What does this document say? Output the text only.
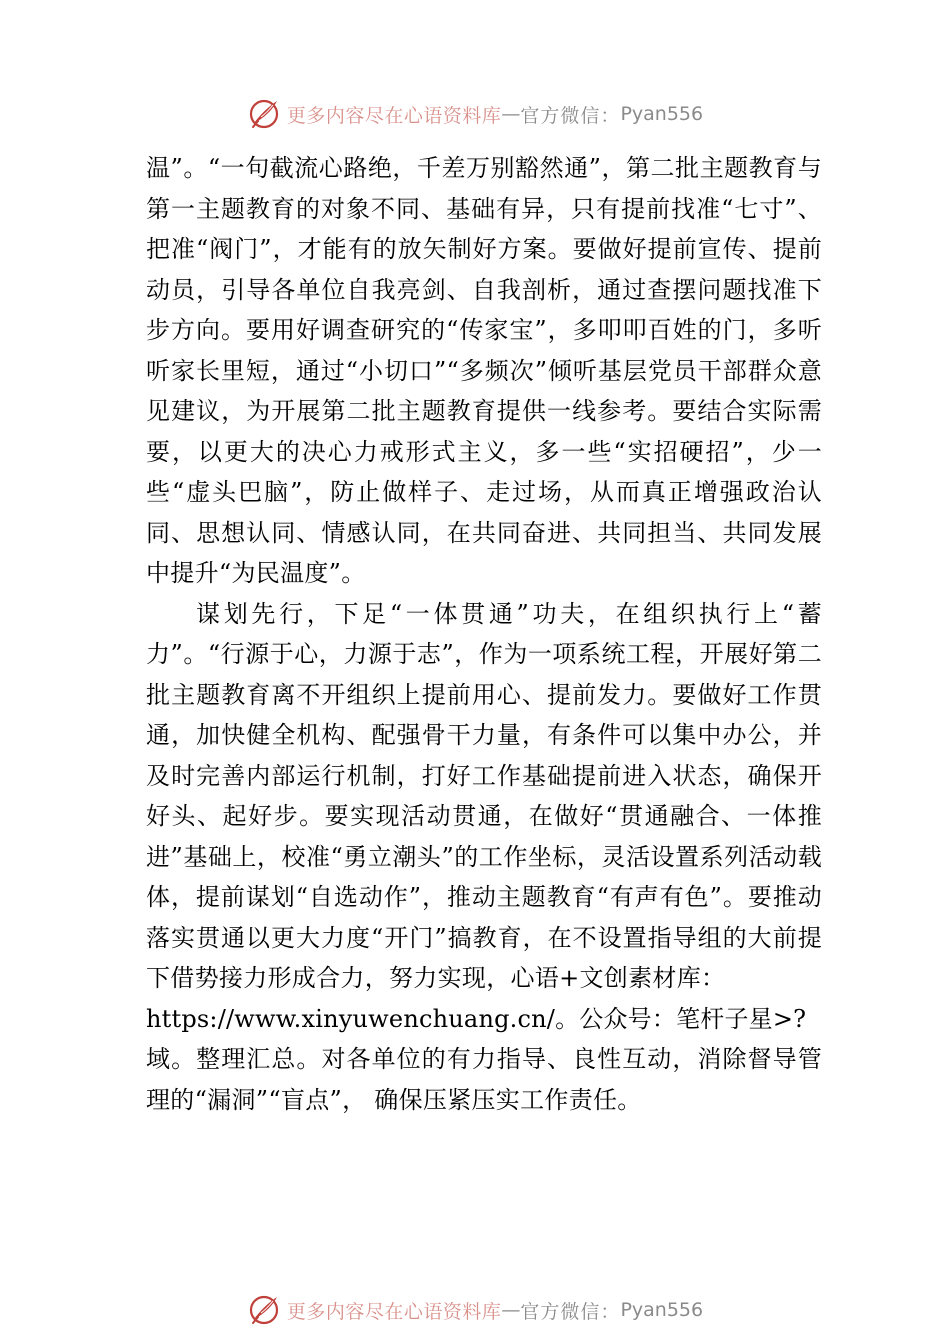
更多内容尽在心语资料库 — 官方微信： Pyan556

温”。“一句截流心路绝，千差万别豁然通”，第二批主题教育与第一主题教育的对象不同、基础有异，只有提前找准“七寸”、把准“阀门”，才能有的放矢制好方案。要做好提前宣传、提前动员，引导各单位自我亮剑、自我剖析，通过查摆问题找准下步方向。要用好调查研究的“传家宝”，多叩叩百姓的门，多听听家长里短，通过“小切口”“多频次”倾听基层党员干部群众意见建议，为开展第二批主题教育提供一线参考。要结合实际需要，以更大的决心力戒形式主义，多一些“实招硬招”，少一些“虚头巴脑”，防止做样子、走过场，从而真正增强政治认同、思想认同、情感认同，在共同奋进、共同担当、共同发展中提升“为民温度”。

谋划先行，下足“一体贯通”功夫，在组织执行上“蓄力”。“行源于心，力源于志”，作为一项系统工程，开展好第二批主题教育离不开组织上提前用心、提前发力。要做好工作贯通，加快健全机构、配强骨干力量，有条件可以集中办公，并及时完善内部运行机制，打好工作基础提前进入状态，确保开好头、起好步。要实现活动贯通，在做好“贯通融合、一体推进”基础上，校准“勇立潮头”的工作坐标，灵活设置系列活动载体，提前谋划“自选动作”，推动主题教育“有声有色”。要推动落实贯通以更大力度“开门”搞教育，在不设置指导组的大前提下借势接力形成合力，努力实现，心语+文创素材库：

https://www.xinyuwenchuang.cn/。公众号：笔杆子星>?

域。整理汇总。对各单位的有力指导、良性互动，消除督导管理的“漏洞”“盲点”， 确保压紧压实工作责任。

更多内容尽在心语资料库 — 官方微信： Pyan556
